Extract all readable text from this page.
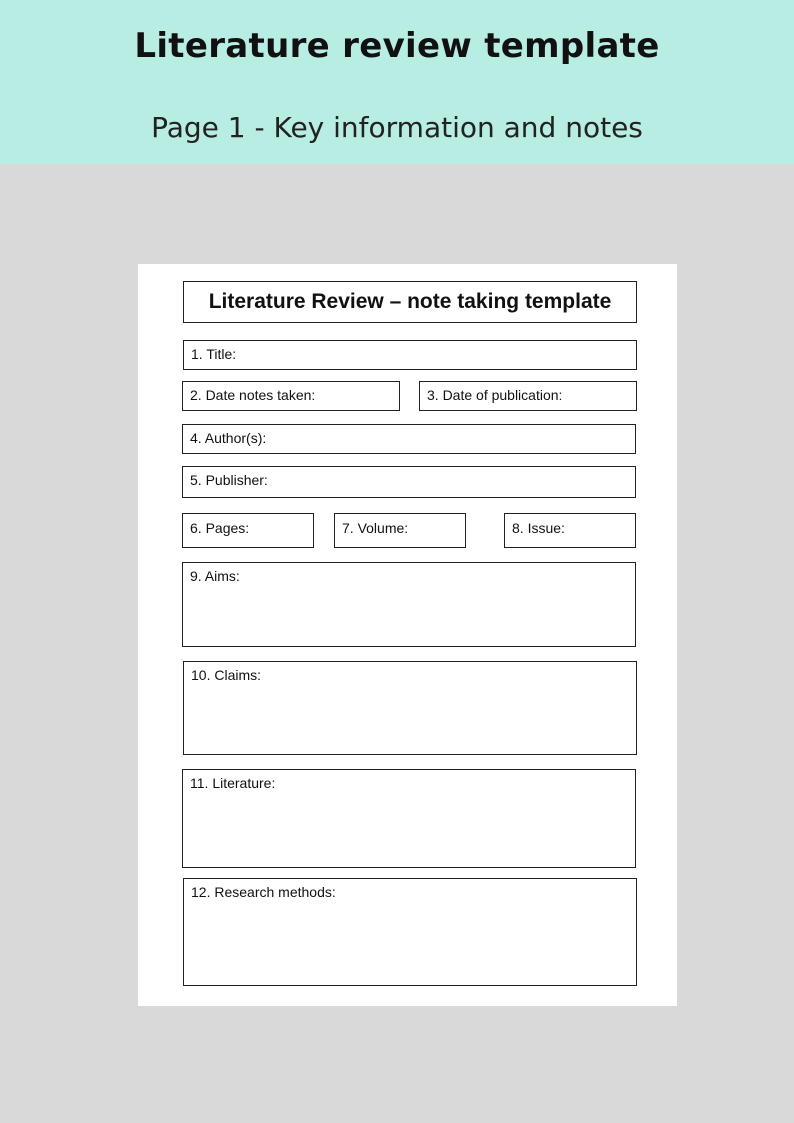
Literature review template
Page 1 - Key information and notes
Literature Review – note taking template
1. Title:
2. Date notes taken:	3. Date of publication:
4. Author(s):
5. Publisher:
6. Pages:	7. Volume:	8. Issue:
9. Aims:
10. Claims:
11. Literature:
12. Research methods:
